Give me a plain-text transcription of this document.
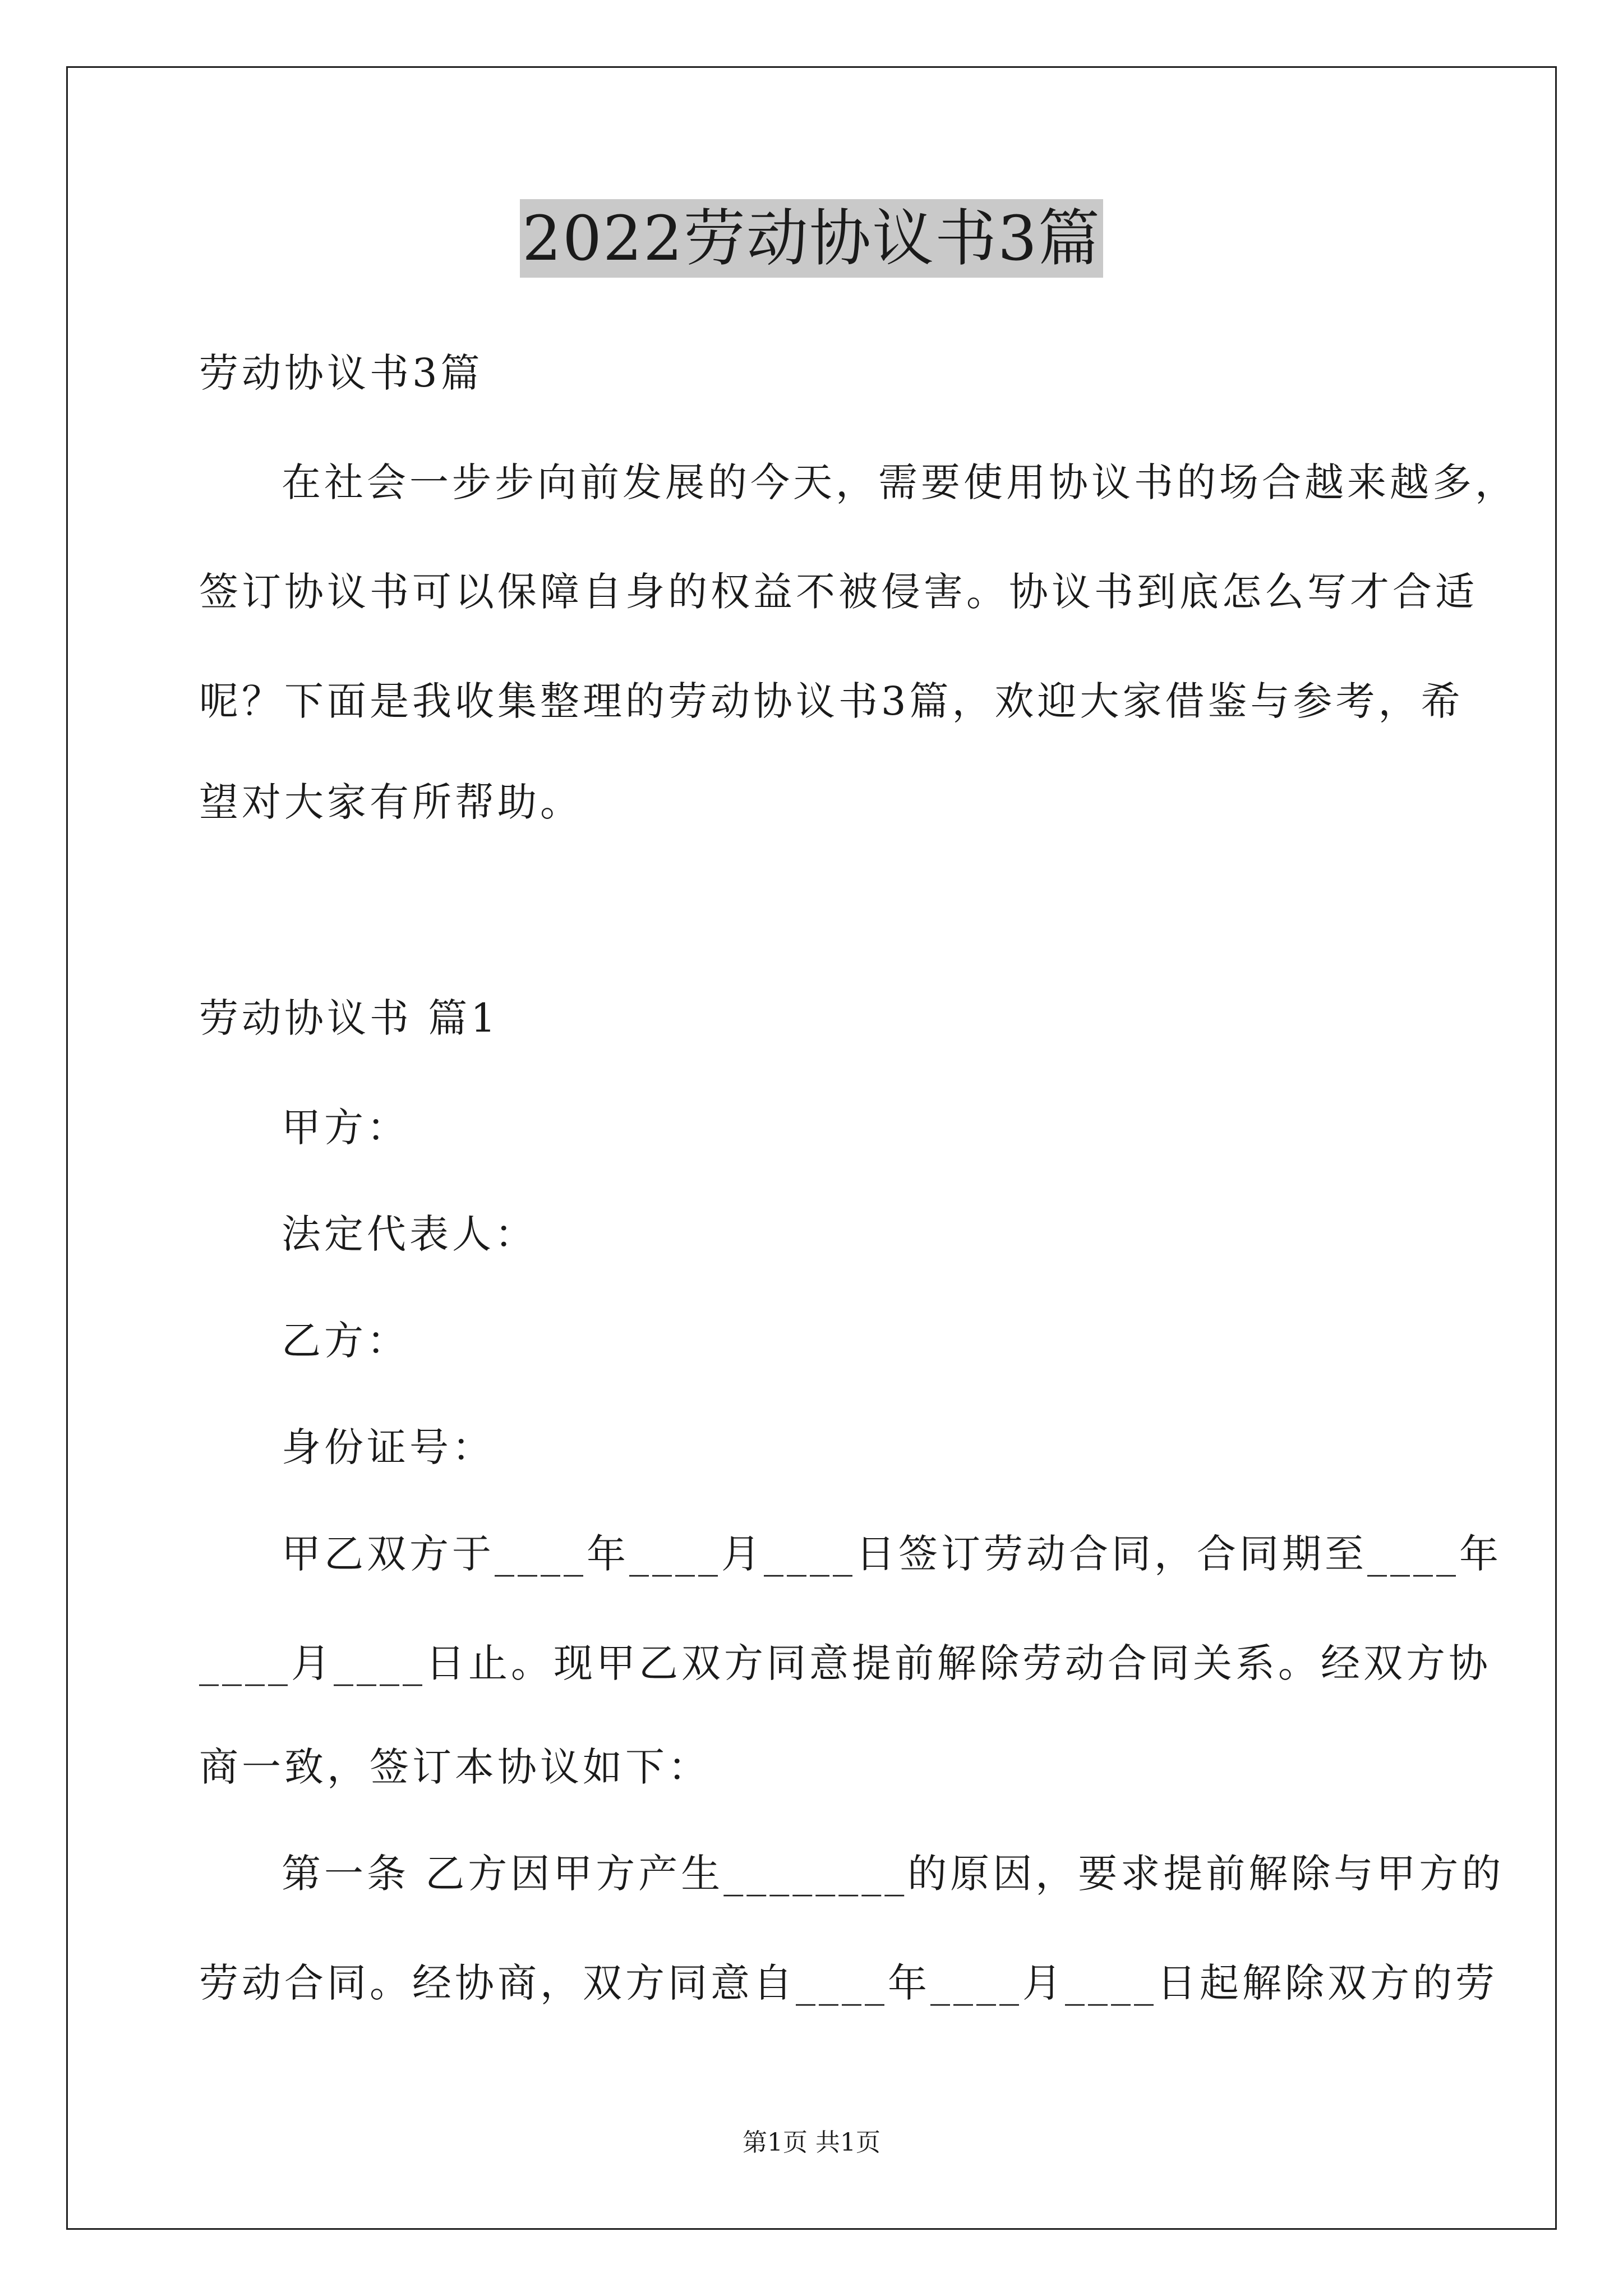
2022劳动协议书3篇
劳动协议书3篇
在社会一步步向前发展的今天，需要使用协议书的场合越来越多，
签订协议书可以保障自身的权益不被侵害。协议书到底怎么写才合适
呢？下面是我收集整理的劳动协议书3篇，欢迎大家借鉴与参考，希
望对大家有所帮助。
劳动协议书 篇1
甲方：
法定代表人：
乙方：
身份证号：
甲乙双方于____年____月____日签订劳动合同，合同期至____年
____月____日止。现甲乙双方同意提前解除劳动合同关系。经双方协
商一致，签订本协议如下：
第一条 乙方因甲方产生________的原因，要求提前解除与甲方的
劳动合同。经协商，双方同意自____年____月____日起解除双方的劳
第1页 共1页
